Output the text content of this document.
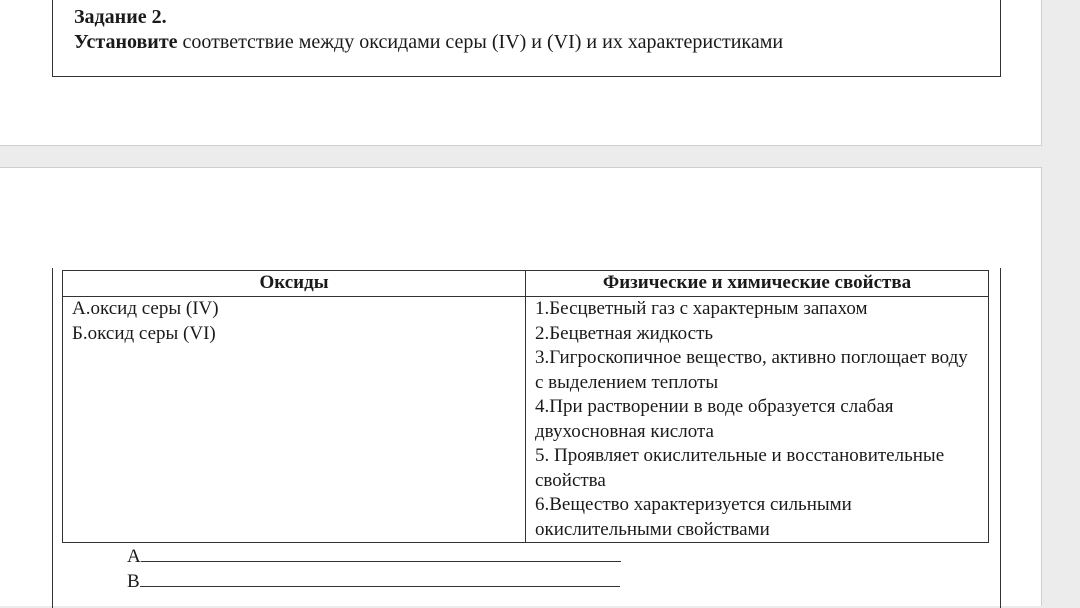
Задание 2.
Установите соответствие между оксидами серы (IV) и (VI) и их характеристиками
Оксиды	Физические и химические свойства
А.оксид серы (IV)	1.Бесцветный газ с характерным запахом
Б.оксид серы (VI)	2.Бецветная жидкость
	3.Гигроскопичное вещество, активно поглощает воду с выделением теплоты
	4.При растворении в воде образуется слабая двухосновная кислота
	5. Проявляет окислительные и восстановительные свойства
	6.Вещество характеризуется сильными окислительными свойствами
А
В
